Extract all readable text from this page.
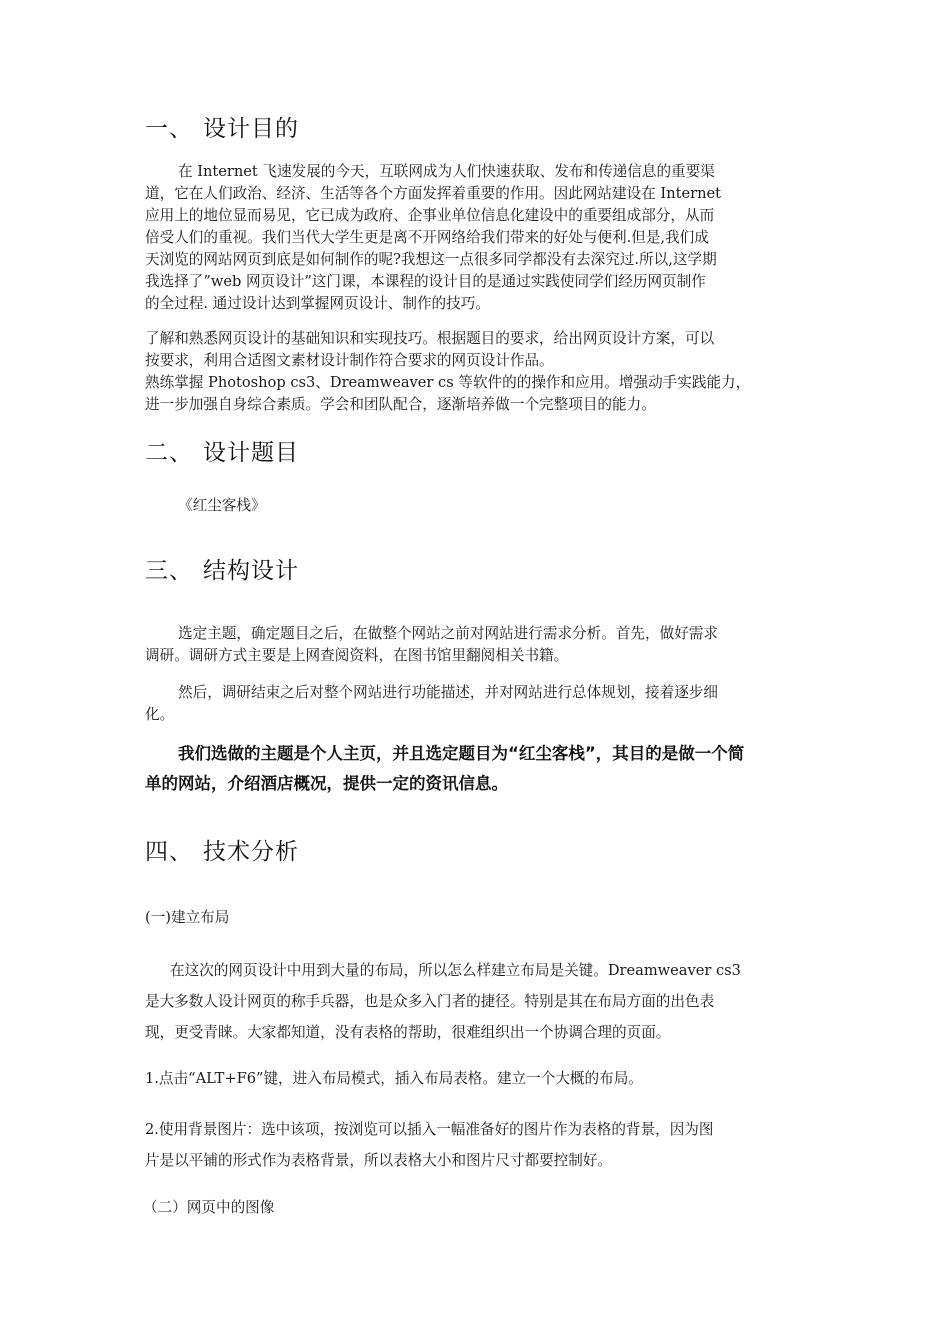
一、 设计目的
在 Internet 飞速发展的今天，互联网成为人们快速获取、发布和传递信息的重要渠
道，它在人们政治、经济、生活等各个方面发挥着重要的作用。因此网站建设在 Internet
应用上的地位显而易见，它已成为政府、企事业单位信息化建设中的重要组成部分，从而
倍受人们的重视。我们当代大学生更是离不开网络给我们带来的好处与便利.但是,我们成
天浏览的网站网页到底是如何制作的呢?我想这一点很多同学都没有去深究过.所以,这学期
我选择了”web 网页设计”这门课，本课程的设计目的是通过实践使同学们经历网页制作
的全过程. 通过设计达到掌握网页设计、制作的技巧。
了解和熟悉网页设计的基础知识和实现技巧。根据题目的要求，给出网页设计方案，可以
按要求，利用合适图文素材设计制作符合要求的网页设计作品。
熟练掌握 Photoshop cs3、Dreamweaver cs 等软件的的操作和应用。增强动手实践能力，
进一步加强自身综合素质。学会和团队配合，逐渐培养做一个完整项目的能力。
二、 设计题目
《红尘客栈》
三、 结构设计
选定主题，确定题目之后，在做整个网站之前对网站进行需求分析。首先，做好需求
调研。调研方式主要是上网查阅资料，在图书馆里翻阅相关书籍。
然后，调研结束之后对整个网站进行功能描述，并对网站进行总体规划，接着逐步细
化。
我们选做的主题是个人主页，并且选定题目为“红尘客栈”，其目的是做一个简
单的网站，介绍酒店概况，提供一定的资讯信息。
四、 技术分析
(一)建立布局
在这次的网页设计中用到大量的布局，所以怎么样建立布局是关键。Dreamweaver cs3
是大多数人设计网页的称手兵器，也是众多入门者的捷径。特别是其在布局方面的出色表
现，更受青睐。大家都知道，没有表格的帮助，很难组织出一个协调合理的页面。
1.点击“ALT+F6”键，进入布局模式，插入布局表格。建立一个大概的布局。
2.使用背景图片：选中该项，按浏览可以插入一幅准备好的图片作为表格的背景，因为图
片是以平铺的形式作为表格背景，所以表格大小和图片尺寸都要控制好。
（二）网页中的图像
